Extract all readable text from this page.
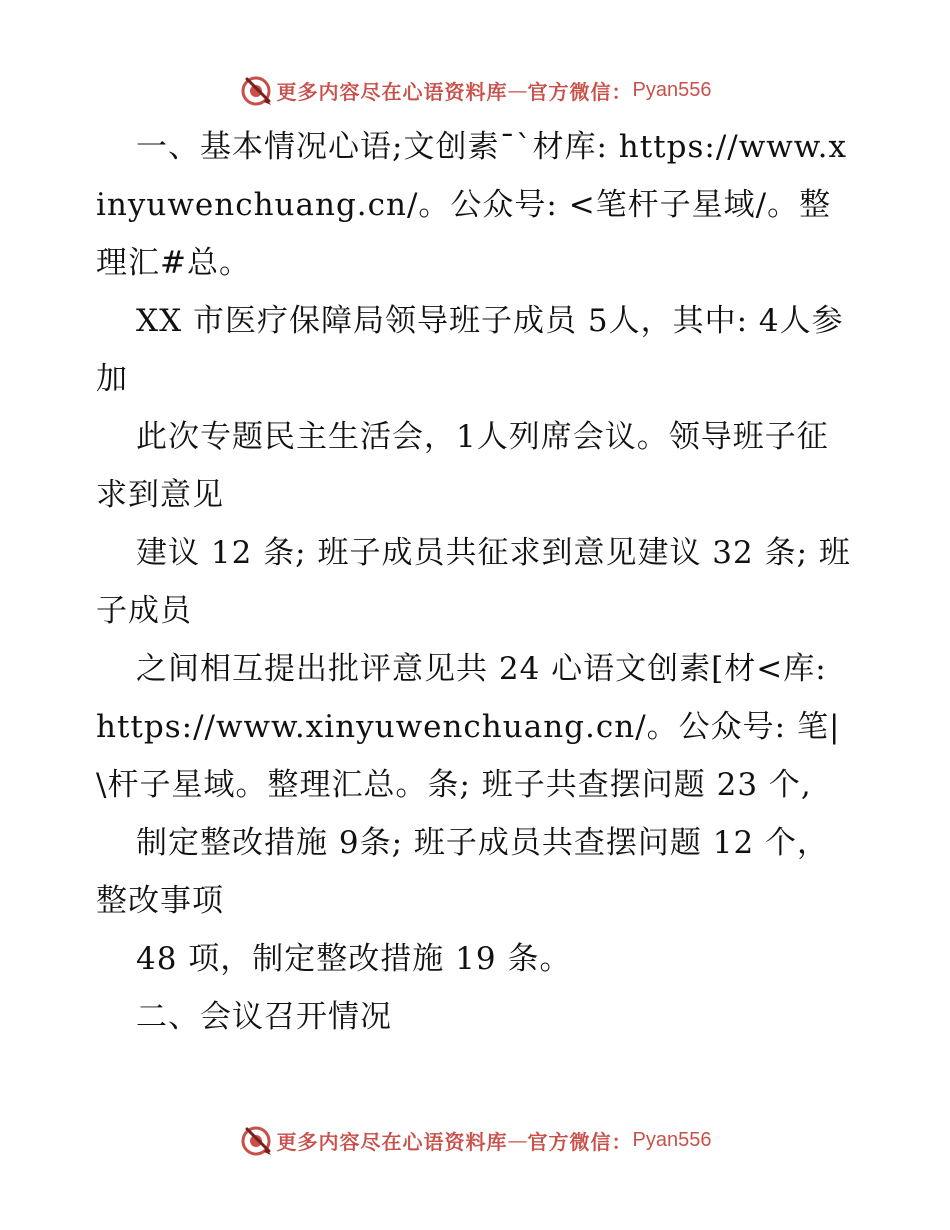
更多内容尽在心语资料库 — 官方微信： Pyan556

一、基本情况心语;文创素¯`材库: https://www.xinyuwenchuang.cn/。公众号: <笔杆子星域/。整理汇#总。

XX 市医疗保障局领导班子成员 5人，其中: 4人参加

此次专题民主生活会，1人列席会议。领导班子征求到意见

建议 12 条; 班子成员共征求到意见建议 32 条; 班子成员

之间相互提出批评意见共 24 心语文创素[材<库: https://www.xinyuwenchuang.cn/。公众号: 笔|\杆子星域。整理汇总。条; 班子共查摆问题 23 个,

制定整改措施 9条; 班子成员共查摆问题 12 个，整改事项

48 项，制定整改措施 19 条。

二、会议召开情况

更多内容尽在心语资料库 — 官方微信： Pyan556
